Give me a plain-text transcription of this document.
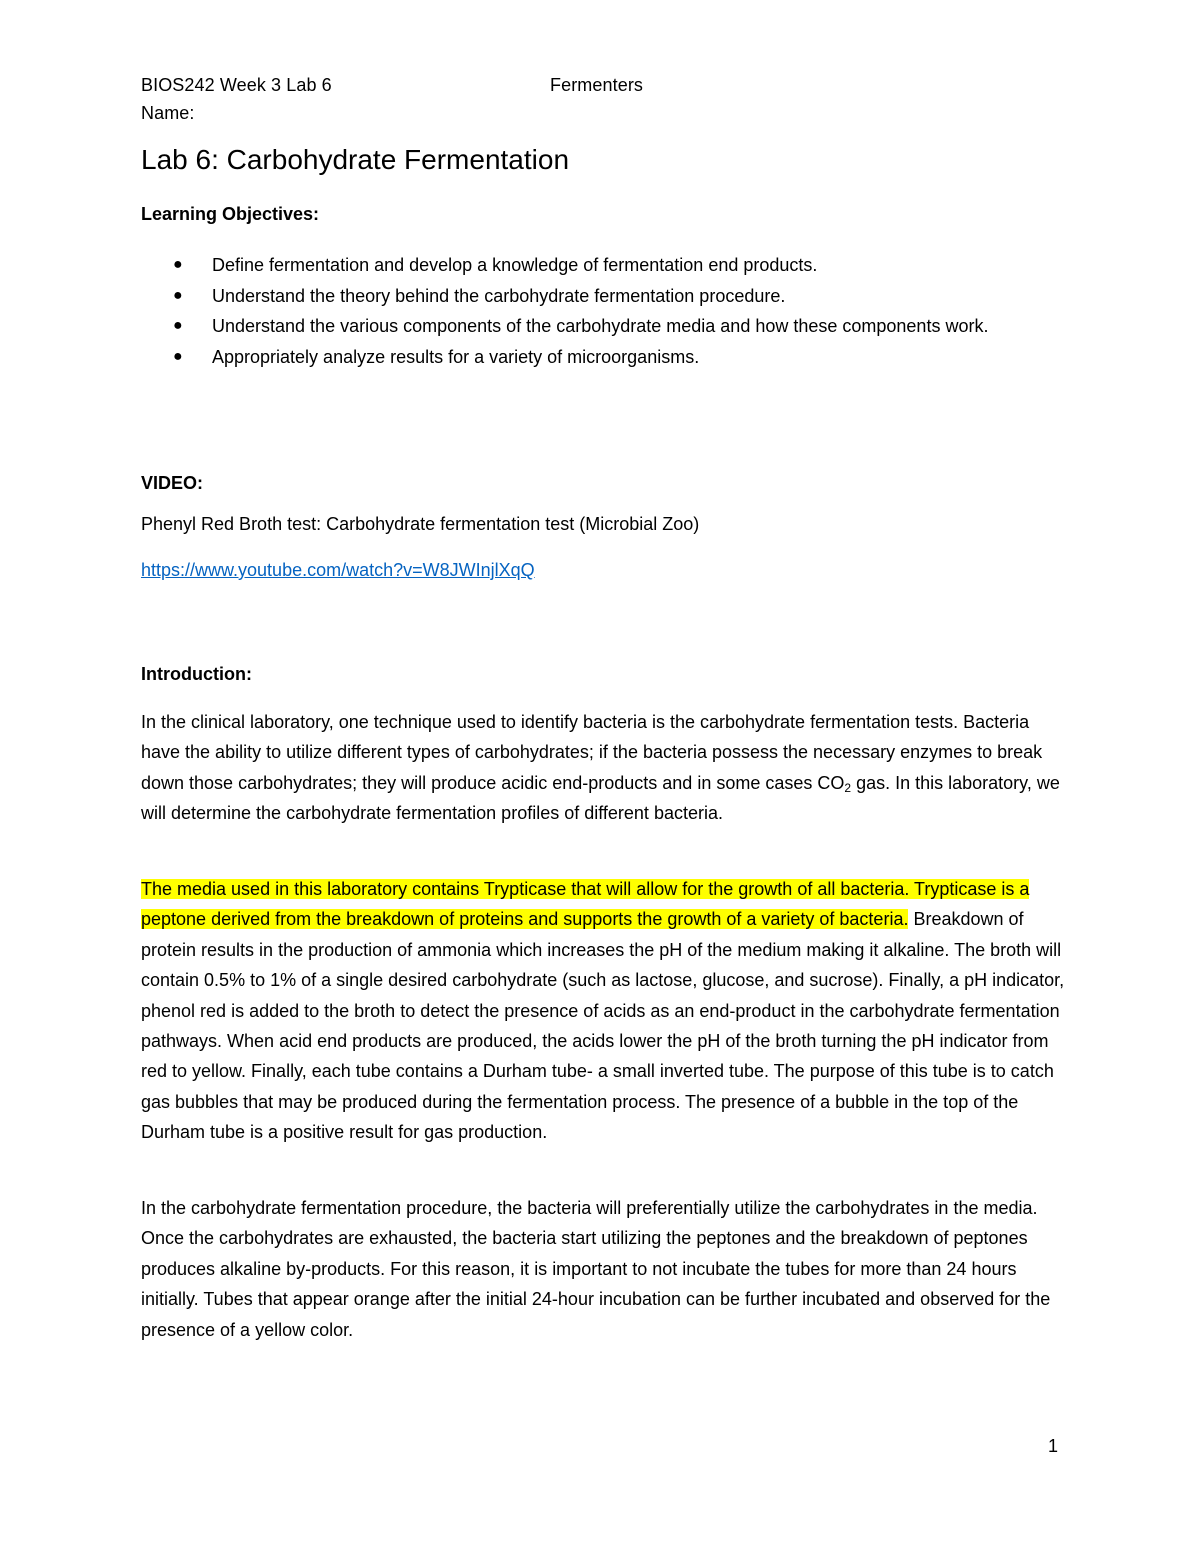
BIOS242 Week 3 Lab 6	Fermenters
Name:
Lab 6: Carbohydrate Fermentation
Learning Objectives:
● Define fermentation and develop a knowledge of fermentation end products.
● Understand the theory behind the carbohydrate fermentation procedure.
● Understand the various components of the carbohydrate media and how these components work.
● Appropriately analyze results for a variety of microorganisms.
VIDEO:

Phenyl Red Broth test: Carbohydrate fermentation test (Microbial Zoo)

https://www.youtube.com/watch?v=W8JWInjlXqQ
Introduction:

In the clinical laboratory, one technique used to identify bacteria is the carbohydrate fermentation tests. Bacteria have the ability to utilize different types of carbohydrates; if the bacteria possess the necessary enzymes to break down those carbohydrates; they will produce acidic end-products and in some cases $CO_2$ gas. In this laboratory, we will determine the carbohydrate fermentation profiles of different bacteria.

The media used in this laboratory contains Trypticase that will allow for the growth of all bacteria. Trypticase is a peptone derived from the breakdown of proteins and supports the growth of a variety of bacteria. Breakdown of protein results in the production of ammonia which increases the pH of the medium making it alkaline. The broth will contain 0.5% to 1% of a single desired carbohydrate (such as lactose, glucose, and sucrose). Finally, a pH indicator, phenol red is added to the broth to detect the presence of acids as an end-product in the carbohydrate fermentation pathways. When acid end products are produced, the acids lower the pH of the broth turning the pH indicator from red to yellow. Finally, each tube contains a Durham tube- a small inverted tube. The purpose of this tube is to catch gas bubbles that may be produced during the fermentation process. The presence of a bubble in the top of the Durham tube is a positive result for gas production.

In the carbohydrate fermentation procedure, the bacteria will preferentially utilize the carbohydrates in the media. Once the carbohydrates are exhausted, the bacteria start utilizing the peptones and the breakdown of peptones produces alkaline by-products. For this reason, it is important to not incubate the tubes for more than 24 hours initially. Tubes that appear orange after the initial 24-hour incubation can be further incubated and observed for the presence of a yellow color.

1
